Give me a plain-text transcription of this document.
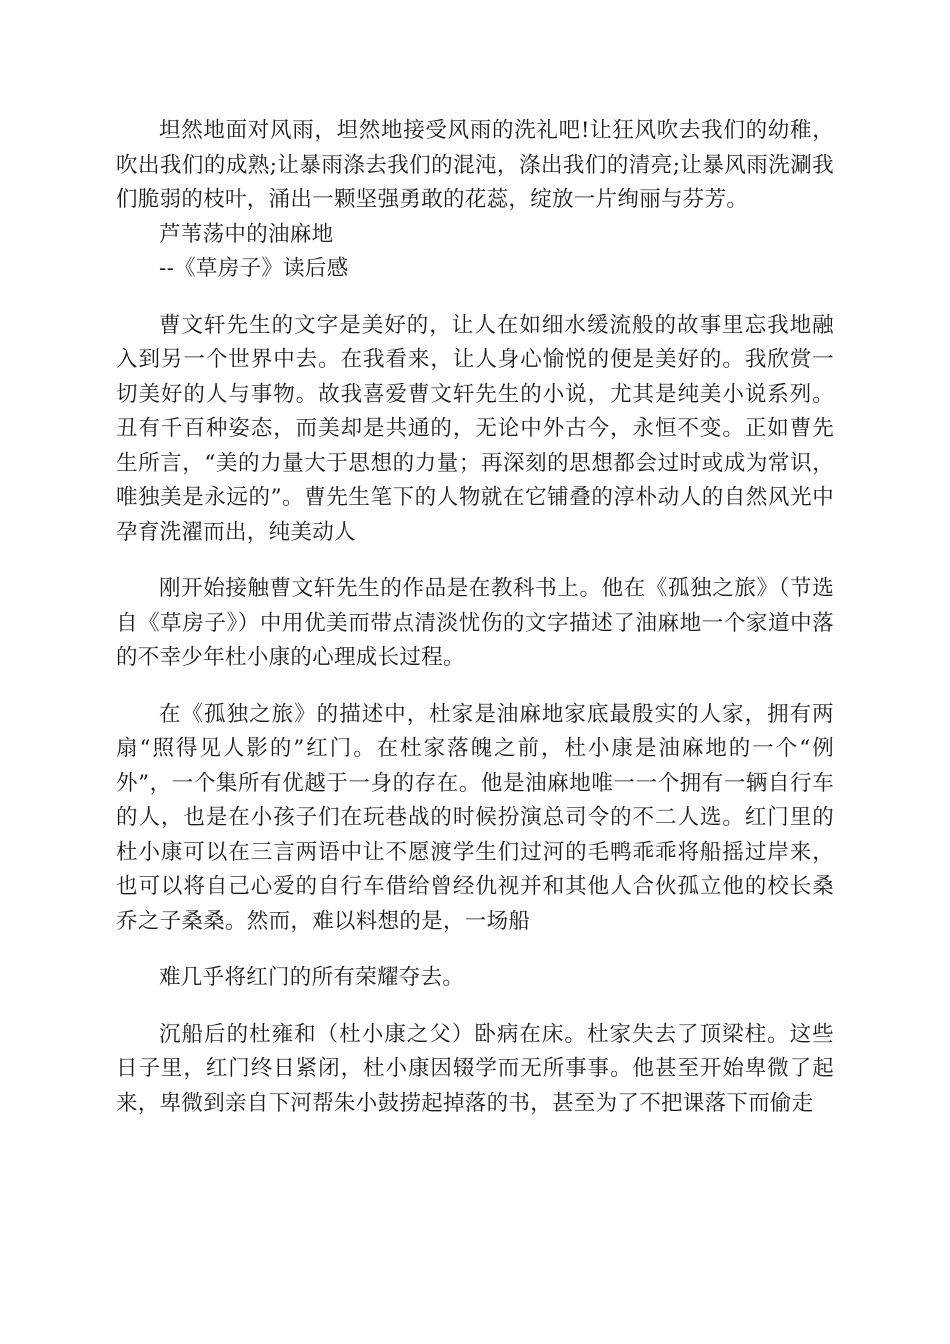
坦然地面对风雨，坦然地接受风雨的洗礼吧!让狂风吹去我们的幼稚，吹出我们的成熟;让暴雨涤去我们的混沌，涤出我们的清亮;让暴风雨洗涮我们脆弱的枝叶，涌出一颗坚强勇敢的花蕊，绽放一片绚丽与芬芳。

芦苇荡中的油麻地

--《草房子》读后感

曹文轩先生的文字是美好的，让人在如细水缓流般的故事里忘我地融入到另一个世界中去。在我看来，让人身心愉悦的便是美好的。我欣赏一切美好的人与事物。故我喜爱曹文轩先生的小说，尤其是纯美小说系列。丑有千百种姿态，而美却是共通的，无论中外古今，永恒不变。正如曹先生所言，“美的力量大于思想的力量；再深刻的思想都会过时或成为常识，唯独美是永远的”。曹先生笔下的人物就在它铺叠的淳朴动人的自然风光中孕育洗濯而出，纯美动人

刚开始接触曹文轩先生的作品是在教科书上。他在《孤独之旅》（节选自《草房子》）中用优美而带点清淡忧伤的文字描述了油麻地一个家道中落的不幸少年杜小康的心理成长过程。

在《孤独之旅》的描述中，杜家是油麻地家底最殷实的人家，拥有两扇“照得见人影的”红门。在杜家落魄之前，杜小康是油麻地的一个“例外”，一个集所有优越于一身的存在。他是油麻地唯一一个拥有一辆自行车的人，也是在小孩子们在玩巷战的时候扮演总司令的不二人选。红门里的杜小康可以在三言两语中让不愿渡学生们过河的毛鸭乖乖将船摇过岸来，也可以将自己心爱的自行车借给曾经仇视并和其他人合伙孤立他的校长桑乔之子桑桑。然而，难以料想的是，一场船

难几乎将红门的所有荣耀夺去。

沉船后的杜雍和（杜小康之父）卧病在床。杜家失去了顶梁柱。这些日子里，红门终日紧闭，杜小康因辍学而无所事事。他甚至开始卑微了起来，卑微到亲自下河帮朱小鼓捞起掉落的书，甚至为了不把课落下而偷走
